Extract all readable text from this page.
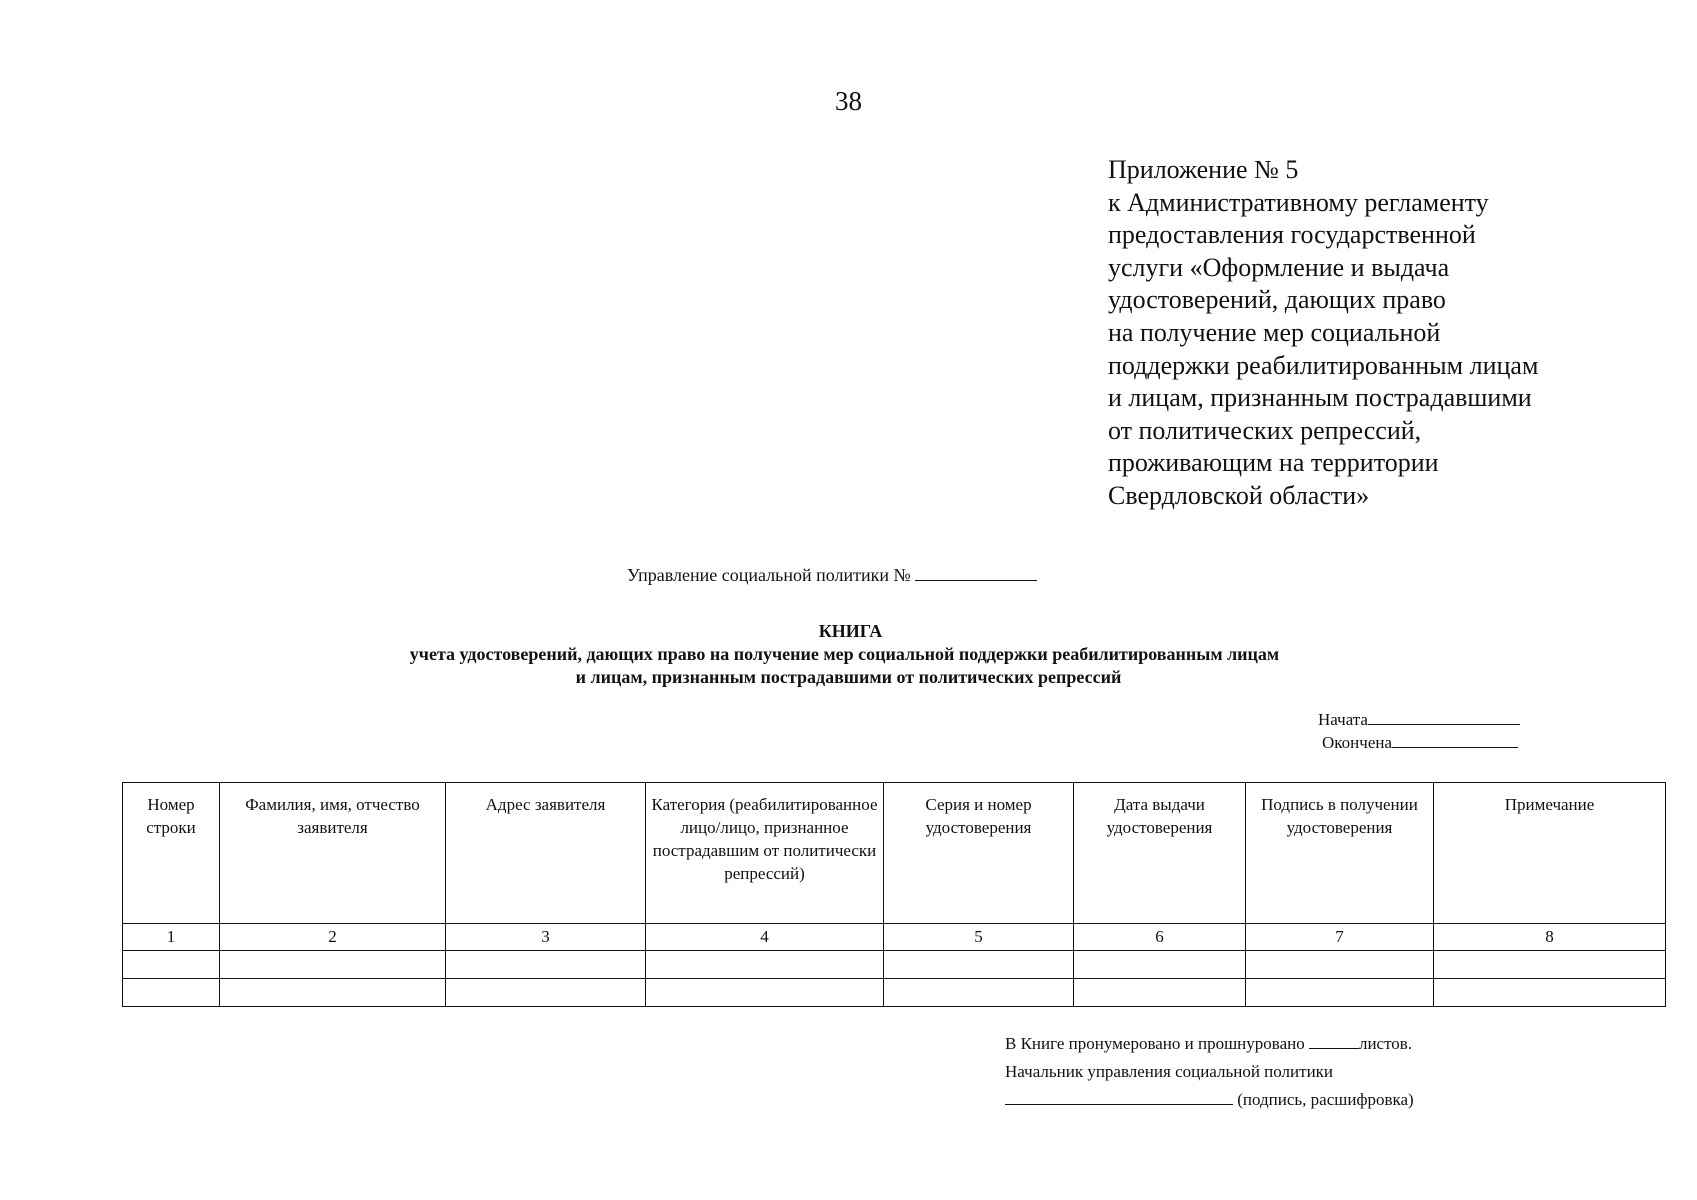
38
Приложение № 5
к Административному регламенту
предоставления государственной
услуги «Оформление и выдача
удостоверений, дающих право
на получение мер социальной
поддержки реабилитированным лицам
и лицам, признанным пострадавшими
от политических репрессий,
проживающим на территории
Свердловской области»
Управление социальной политики №
КНИГА
учета удостоверений, дающих право на получение мер социальной поддержки реабилитированным лицам
и лицам, признанным пострадавшими от политических репрессий
Начата
Окончена
Номер строки	Фамилия, имя, отчество заявителя	Адрес заявителя	Категория (реабилитированное лицо/лицо, признанное пострадавшим от политически репрессий)	Серия и номер удостоверения	Дата выдачи удостоверения	Подпись в получении удостоверения	Примечание
1	2	3	4	5	6	7	8

В Книге пронумеровано и прошнуровано	листов.
Начальник управления социальной политики
(подпись, расшифровка)
